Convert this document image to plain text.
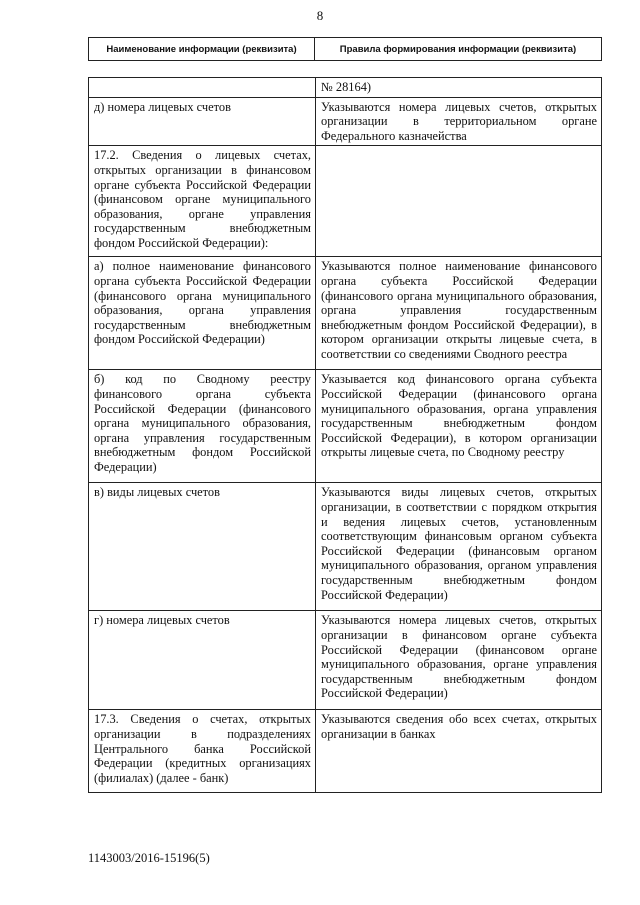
8
Наименование информации (реквизита)	Правила формирования информации (реквизита)
	№ 28164)
д) номера лицевых счетов	Указываются номера лицевых счетов, открытых организации в территориальном органе Федерального казначейства
17.2. Сведения о лицевых счетах, открытых организации в финансовом органе субъекта Российской Федерации (финансовом органе муниципального образования, органе управления государственным внебюджетным фондом Российской Федерации):	
а) полное наименование финансового органа субъекта Российской Федерации (финансового органа муниципального образования, органа управления государственным внебюджетным фондом Российской Федерации)	Указываются полное наименование финансового органа субъекта Российской Федерации (финансового органа муниципального образования, органа управления государственным внебюджетным фондом Российской Федерации), в котором организации открыты лицевые счета, в соответствии со сведениями Сводного реестра
б) код по Сводному реестру финансового органа субъекта Российской Федерации (финансового органа муниципального образования, органа управления государственным внебюджетным фондом Российской Федерации)	Указывается код финансового органа субъекта Российской Федерации (финансового органа муниципального образования, органа управления государственным внебюджетным фондом Российской Федерации), в котором организации открыты лицевые счета, по Сводному реестру
в) виды лицевых счетов	Указываются виды лицевых счетов, открытых организации, в соответствии с порядком открытия и ведения лицевых счетов, установленным соответствующим финансовым органом субъекта Российской Федерации (финансовым органом муниципального образования, органом управления государственным внебюджетным фондом Российской Федерации)
г) номера лицевых счетов	Указываются номера лицевых счетов, открытых организации в финансовом органе субъекта Российской Федерации (финансовом органе муниципального образования, органе управления государственным внебюджетным фондом Российской Федерации)
17.3. Сведения о счетах, открытых организации в подразделениях Центрального банка Российской Федерации (кредитных организациях (филиалах) (далее - банк)	Указываются сведения обо всех счетах, открытых организации в банках
1143003/2016-15196(5)
